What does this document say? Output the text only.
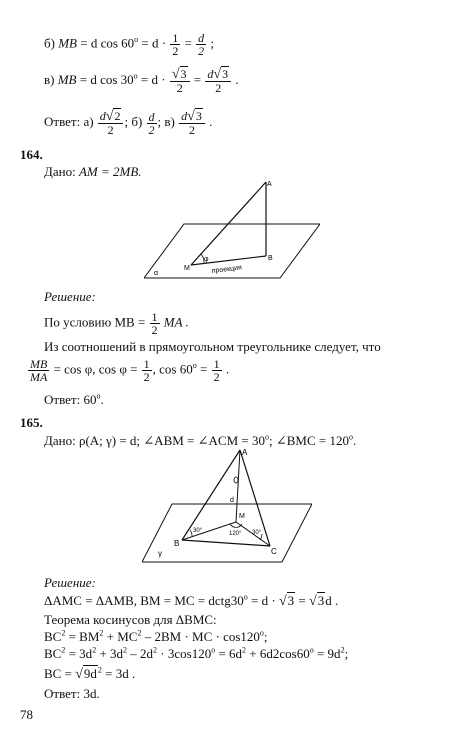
б) MB = d $\cos 60^o = d \cdot \frac{1}{2} = \frac{d}{2}$ ;
в) MB = d $\cos 30^o = d \cdot \frac{√3}{2} = \frac{d√3}{2}$ .
Ответ: $а) \frac{d√2}{2}$ ; $б) \frac{d}{2}$ ; $в) \frac{d√3}{2}$ .
164.
Дано: AM = 2MB.
A
B
M
φ
α	проекция
Решение:
По условию MB = $\frac{1}{2}$ MA .
Из соотношений в прямоугольном треугольнике следует, что
$\frac{MB}{MA} = \cos \varphi$, $\cos \varphi = \frac{1}{2}$ , $\cos 60^o = \frac{1}{2}$ .
Ответ: 60$^o$.
165.
Дано: ρ(A; γ) = d; ∠ABM = ∠ACM = $30^o$; ∠BMC = $120^o$.
A
B
C
M
d
γ
30°	30°
120°
Решение:
ΔAMC = ΔAMB, BM = MC = $dctg30^o = d \cdot √3 = √3d$ .
Теорема косинусов для ΔBMC:
$BC^2 = BM^2 + MC^2 - 2BM$ · MC · $\cos 120^o$;
$BC^2 = 3d^2 + 3d^2 - 2d^2 \cdot 3\cos 120^o = 6d^2 + 6d2\cos 60^o = 9d^2$;
BC = $√9d^2 = 3d$ .
Ответ: 3d.
78
